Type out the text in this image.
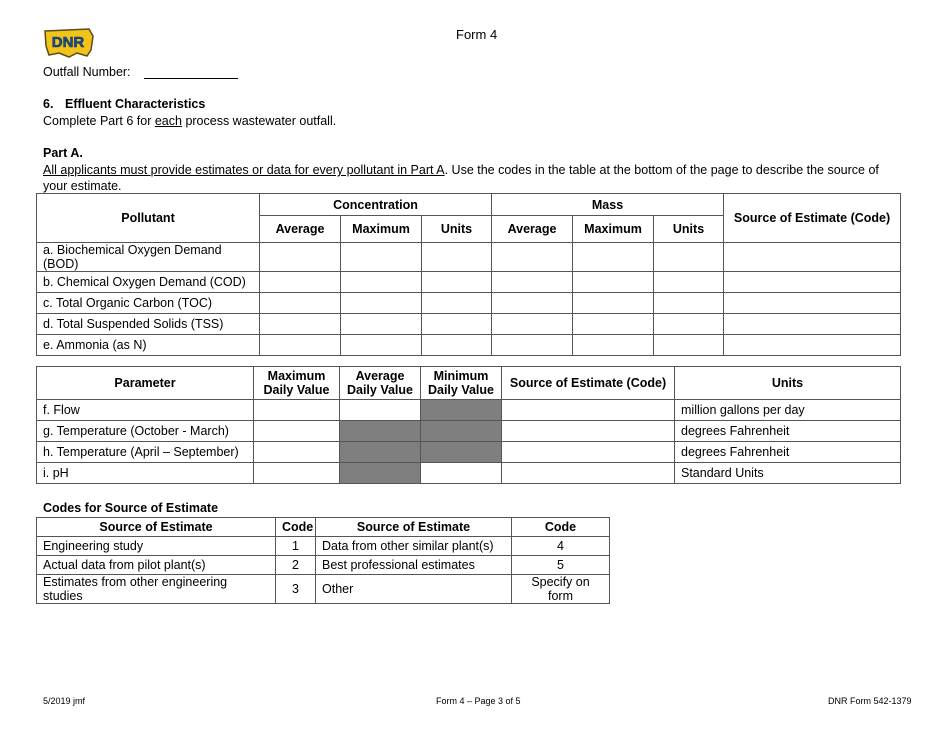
DNR	Form 4
Outfall Number:
6. Effluent Characteristics
Complete Part 6 for each process wastewater outfall.
Part A.
All applicants must provide estimates or data for every pollutant in Part A. Use the codes in the table at the bottom of the page to describe the source of your estimate.
Pollutant	Concentration			Mass			Source of Estimate (Code)
	Average	Maximum	Units	Average	Maximum	Units	
a. Biochemical Oxygen Demand (BOD)							
b. Chemical Oxygen Demand (COD)							
c. Total Organic Carbon (TOC)							
d. Total Suspended Solids (TSS)							
e. Ammonia (as N)							
Parameter	Maximum Daily Value	Average Daily Value	Minimum Daily Value	Source of Estimate (Code)	Units
f. Flow					million gallons per day
g. Temperature (October - March)					degrees Fahrenheit
h. Temperature (April – September)					degrees Fahrenheit
i. pH					Standard Units
Codes for Source of Estimate
Source of Estimate	Code	Source of Estimate	Code
Engineering study	1	Data from other similar plant(s)	4
Actual data from pilot plant(s)	2	Best professional estimates	5
Estimates from other engineering studies	3	Other	Specify on form
5/2019 jmf	Form 4 – Page 3 of 5	DNR Form 542-1379
